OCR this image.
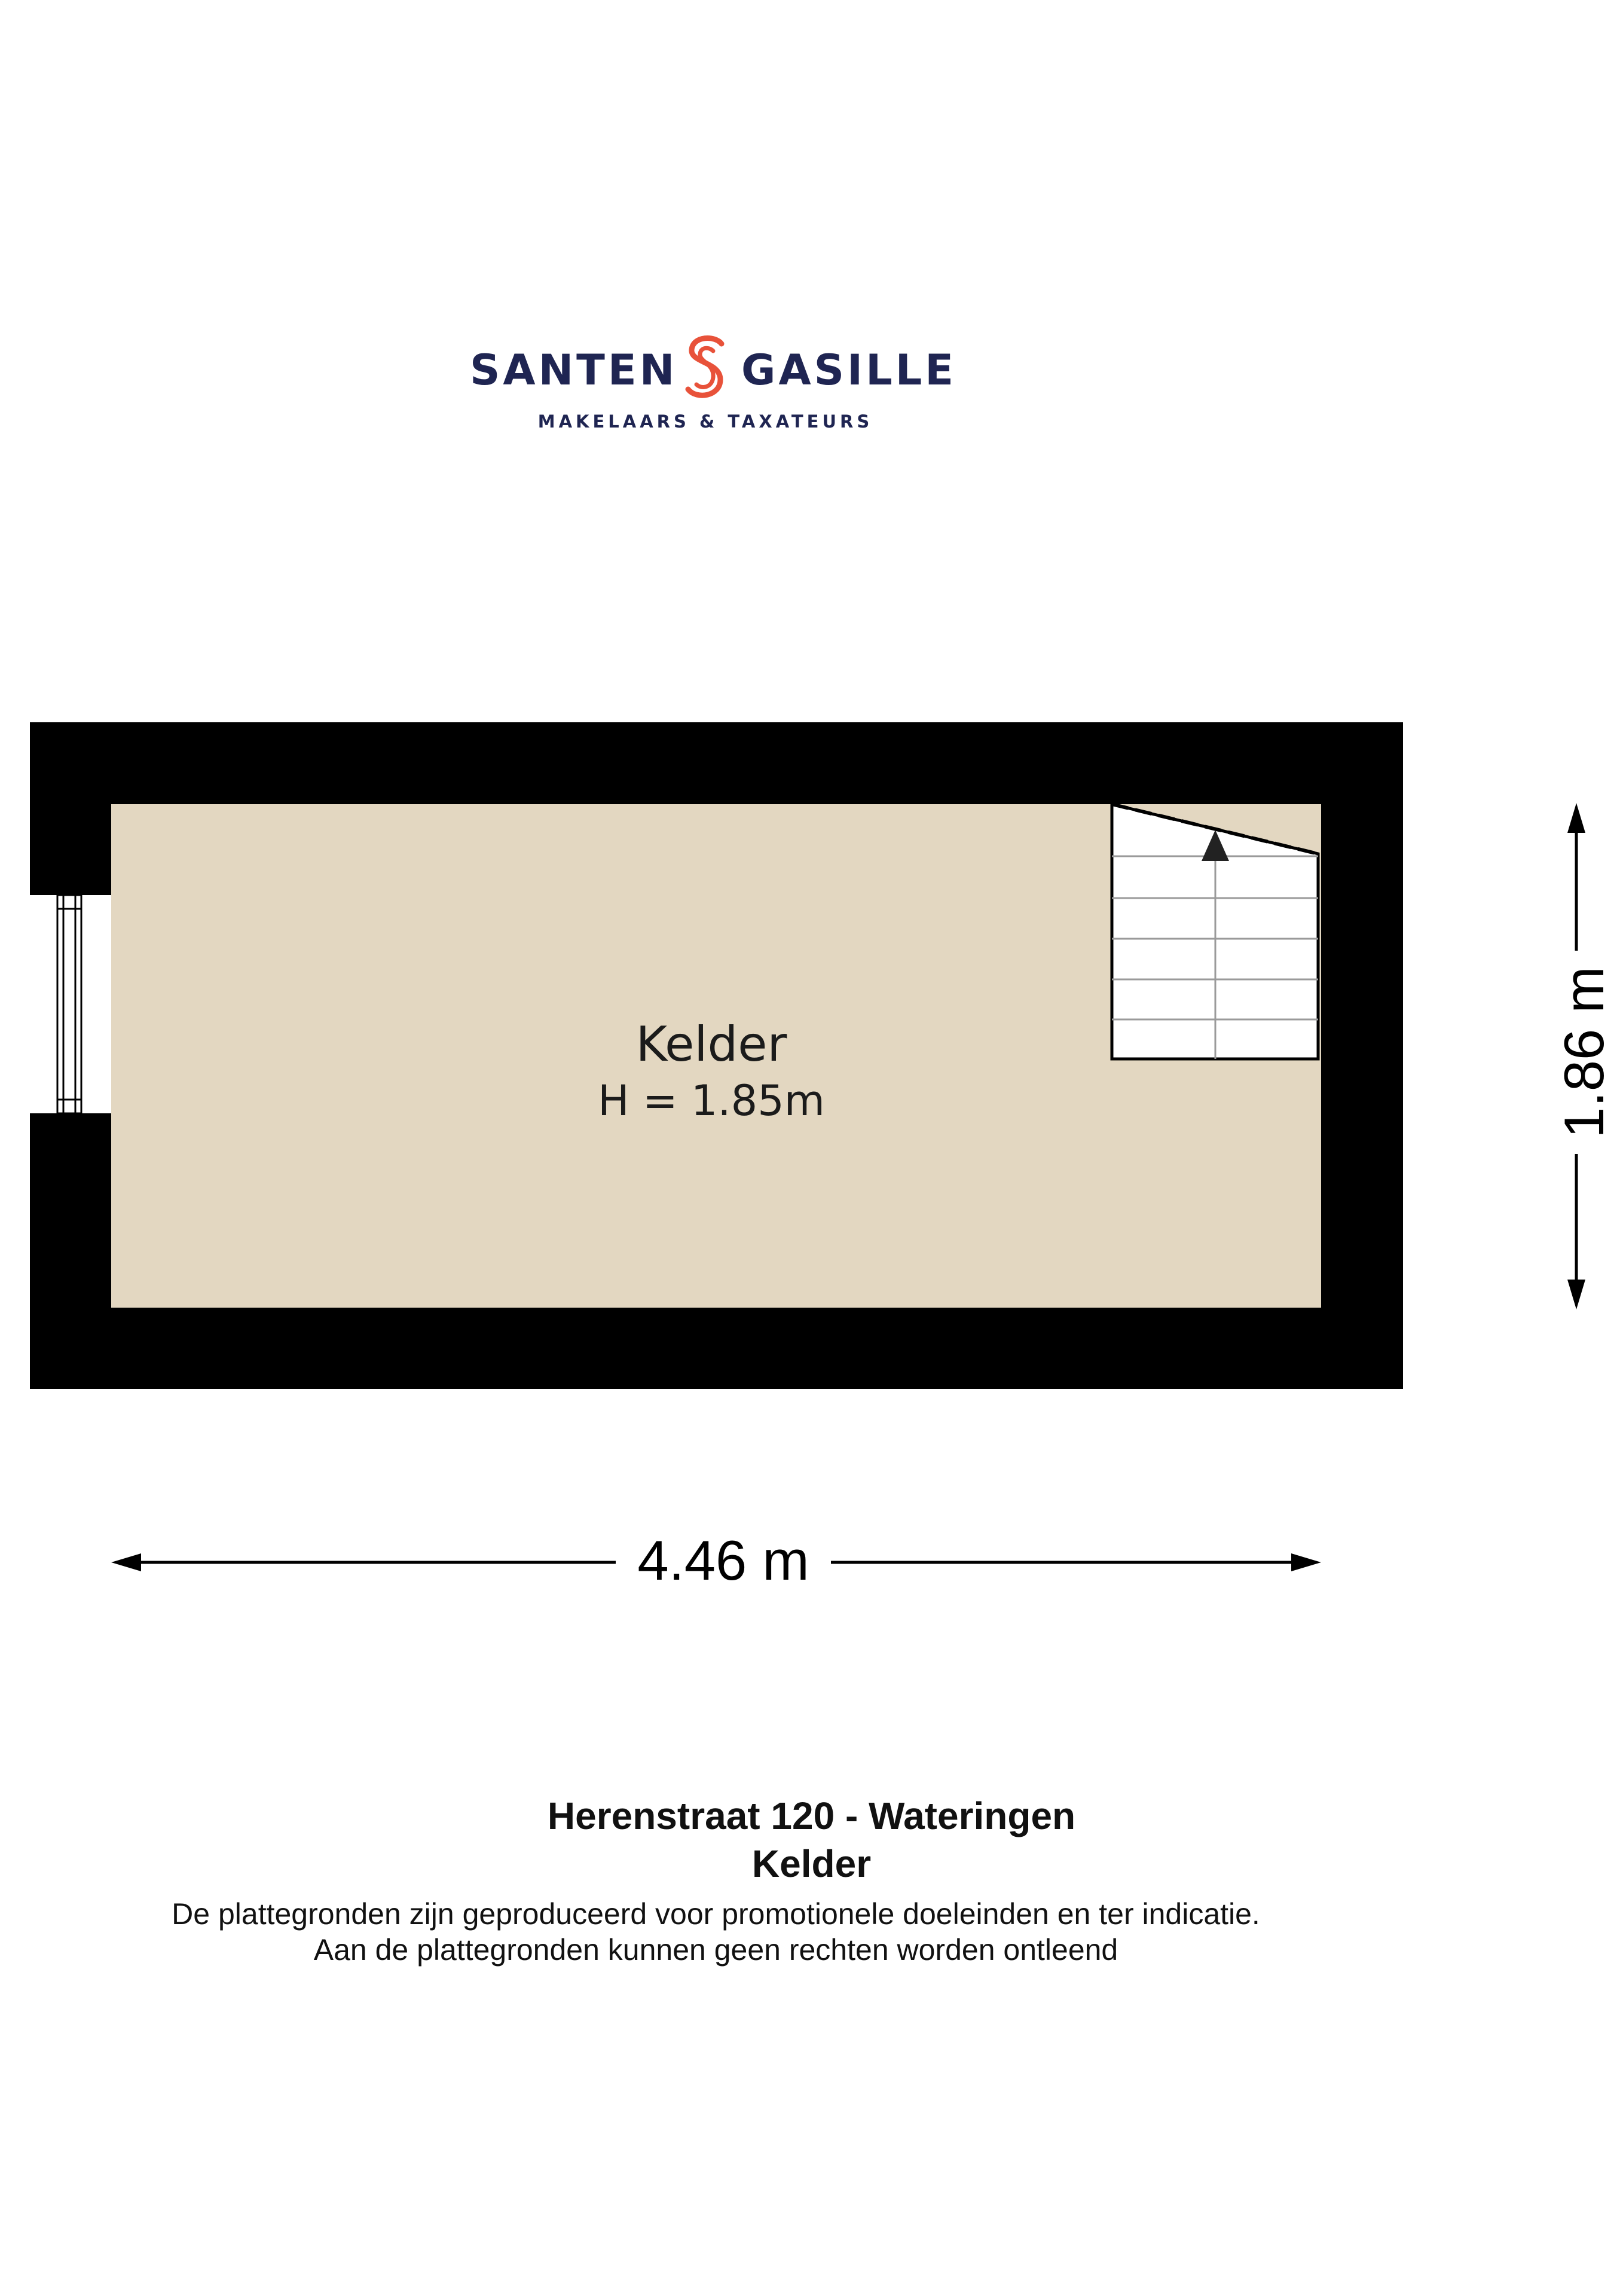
SANTEN GASILLE
MAKELAARS & TAXATEURS
Kelder
H = 1.85m
4.46 m
1.86 m
Herenstraat 120 - Wateringen
Kelder
De plattegronden zijn geproduceerd voor promotionele doeleinden en ter indicatie.
Aan de plattegronden kunnen geen rechten worden ontleend
